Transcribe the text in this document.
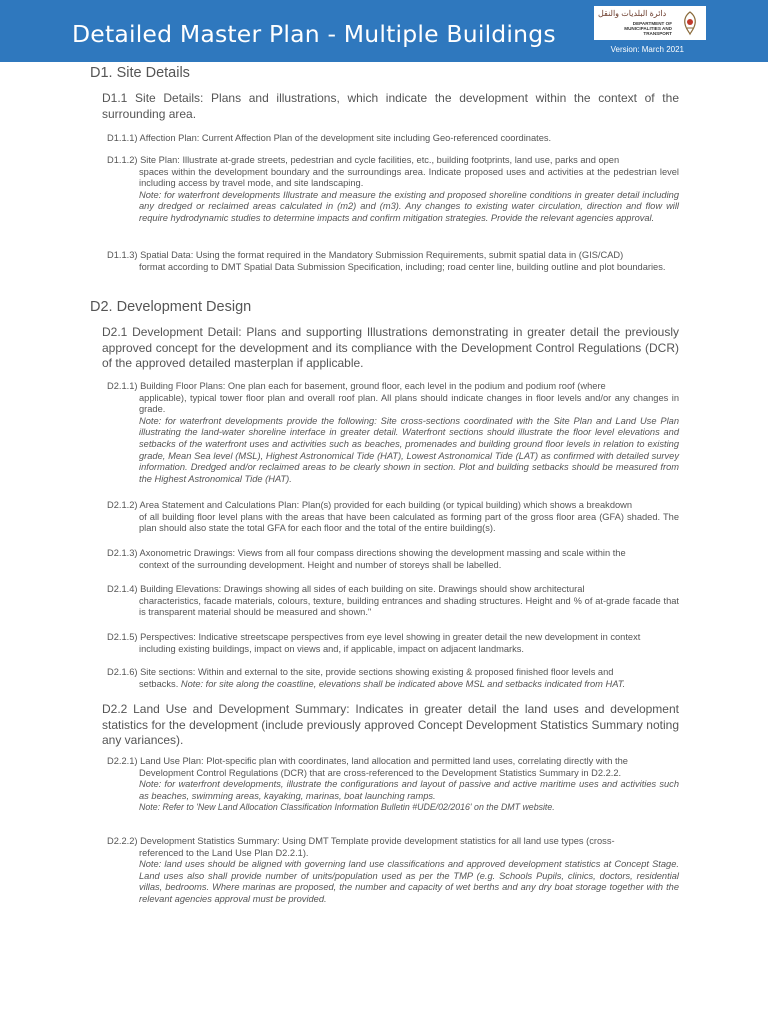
Detailed Master Plan - Multiple Buildings
دائرة البلديات والنقل
DEPARTMENT OF MUNICIPALITIES AND TRANSPORT
Version: March 2021
D1. Site Details
D1.1 Site Details: Plans and illustrations, which indicate the development within the context of the surrounding area.
D1.1.1) Affection Plan: Current Affection Plan of the development site including Geo-referenced coordinates.
D1.1.2) Site Plan: Illustrate at-grade streets, pedestrian and cycle facilities, etc., building footprints, land use, parks and open
spaces within the development boundary and the surroundings area. Indicate proposed uses and activities at the pedestrian level including access by travel mode, and site landscaping.
Note: for waterfront developments Illustrate and measure the existing and proposed shoreline conditions in greater detail including any dredged or reclaimed areas calculated in (m2) and (m3). Any changes to existing water circulation, direction and flow will require hydrodynamic studies to determine impacts and confirm mitigation strategies. Provide the relevant agencies approval.
D1.1.3) Spatial Data: Using the format required in the Mandatory Submission Requirements, submit spatial data in (GIS/CAD)
format according to DMT Spatial Data Submission Specification, including; road center line, building outline and plot boundaries.
D2. Development Design
D2.1 Development Detail: Plans and supporting Illustrations demonstrating in greater detail the previously approved concept for the development and its compliance with the Development Control Regulations (DCR) of the approved detailed masterplan if applicable.
D2.1.1) Building Floor Plans: One plan each for basement, ground floor, each level in the podium and podium roof (where
applicable), typical tower floor plan and overall roof plan. All plans should indicate changes in floor levels and/or any changes in grade.
Note: for waterfront developments provide the following: Site cross-sections coordinated with the Site Plan and Land Use Plan illustrating the land-water shoreline interface in greater detail. Waterfront sections should illustrate the floor level elevations and setbacks of the waterfront uses and activities such as beaches, promenades and building ground floor levels in relation to existing grade, Mean Sea level (MSL), Highest Astronomical Tide (HAT), Lowest Astronomical Tide (LAT) as confirmed with detailed survey information. Dredged and/or reclaimed areas to be clearly shown in section. Plot and building setbacks should be measured from the Highest Astronomical Tide (HAT).
D2.1.2) Area Statement and Calculations Plan: Plan(s) provided for each building (or typical building) which shows a breakdown
of all building floor level plans with the areas that have been calculated as forming part of the gross floor area (GFA) shaded. The plan should also state the total GFA for each floor and the total of the entire building(s).
D2.1.3) Axonometric Drawings: Views from all four compass directions showing the development massing and scale within the
context of the surrounding development. Height and number of storeys shall be labelled.
D2.1.4) Building Elevations: Drawings showing all sides of each building on site. Drawings should show architectural
characteristics, facade materials, colours, texture, building entrances and shading structures. Height and % of at-grade facade that is transparent material should be measured and shown."
D2.1.5) Perspectives: Indicative streetscape perspectives from eye level showing in greater detail the new development in context
including existing buildings, impact on views and, if applicable, impact on adjacent landmarks.
D2.1.6) Site sections: Within and external to the site, provide sections showing existing & proposed finished floor levels and
setbacks. Note: for site along the coastline, elevations shall be indicated above MSL and setbacks indicated from HAT.
D2.2 Land Use and Development Summary: Indicates in greater detail the land uses and development statistics for the development (include previously approved Concept Development Statistics Summary noting any variances).
D2.2.1) Land Use Plan: Plot-specific plan with coordinates, land allocation and permitted land uses, correlating directly with the
Development Control Regulations (DCR) that are cross-referenced to the Development Statistics Summary in D2.2.2.
Note: for waterfront developments, illustrate the configurations and layout of passive and active maritime uses and activities such as beaches, swimming areas, kayaking, marinas, boat launching ramps.
Note: Refer to 'New Land Allocation Classification Information Bulletin #UDE/02/2016' on the DMT website.
D2.2.2) Development Statistics Summary: Using DMT Template provide development statistics for all land use types (cross-
referenced to the Land Use Plan D2.2.1).
Note: land uses should be aligned with governing land use classifications and approved development statistics at Concept Stage. Land uses also shall provide number of units/population used as per the TMP (e.g. Schools Pupils, clinics, doctors, residential villas, bedrooms. Where marinas are proposed, the number and capacity of wet berths and any dry boat storage together with the relevant agencies approval must be provided.
